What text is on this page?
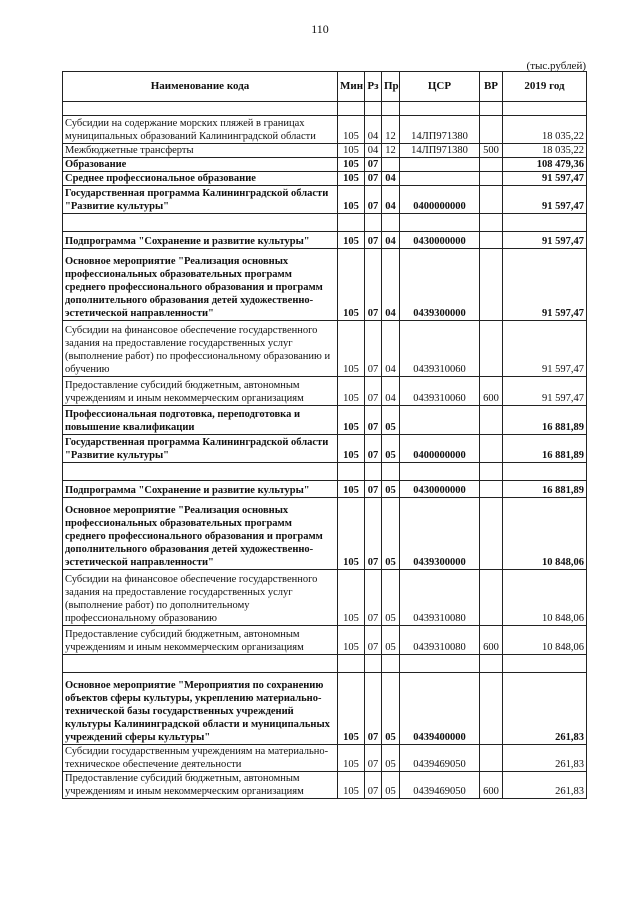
110
(тыс.рублей)
Наименование кода	Мин	Рз	Пр	ЦСР	ВР	2019 год

Субсидии на содержание морских пляжей в границах муниципальных образований Калининградской области	105	04	12	14ЛП971380		18 035,22
Межбюджетные трансферты	105	04	12	14ЛП971380	500	18 035,22
Образование	105	07				108 479,36
Среднее профессиональное образование	105	07	04			91 597,47
Государственная программа Калининградской области "Развитие культуры"	105	07	04	0400000000		91 597,47

Подпрограмма "Сохранение и развитие культуры"	105	07	04	0430000000		91 597,47
Основное мероприятие "Реализация основных профессиональных образовательных программ среднего профессионального образования и программ дополнительного образования детей художественно-эстетической направленности"	105	07	04	0439300000		91 597,47
Субсидии на финансовое обеспечение государственного задания на предоставление государственных услуг (выполнение работ) по профессиональному образованию и обучению	105	07	04	0439310060		91 597,47
Предоставление субсидий бюджетным, автономным учреждениям и иным некоммерческим организациям	105	07	04	0439310060	600	91 597,47
Профессиональная подготовка, переподготовка и повышение квалификации	105	07	05			16 881,89
Государственная программа Калининградской области "Развитие культуры"	105	07	05	0400000000		16 881,89

Подпрограмма "Сохранение и развитие культуры"	105	07	05	0430000000		16 881,89
Основное мероприятие "Реализация основных профессиональных образовательных программ среднего профессионального образования и программ дополнительного образования детей художественно-эстетической направленности"	105	07	05	0439300000		10 848,06
Субсидии на финансовое обеспечение государственного задания на предоставление государственных услуг (выполнение работ) по дополнительному профессиональному образованию	105	07	05	0439310080		10 848,06
Предоставление субсидий бюджетным, автономным учреждениям и иным некоммерческим организациям	105	07	05	0439310080	600	10 848,06

Основное мероприятие "Мероприятия по сохранению объектов сферы культуры, укреплению материально-технической базы государственных учреждений культуры Калининградской области и муниципальных учреждений сферы культуры"	105	07	05	0439400000		261,83
Субсидии государственным учреждениям на материально-техническое обеспечение деятельности	105	07	05	0439469050		261,83
Предоставление субсидий бюджетным, автономным учреждениям и иным некоммерческим организациям	105	07	05	0439469050	600	261,83
